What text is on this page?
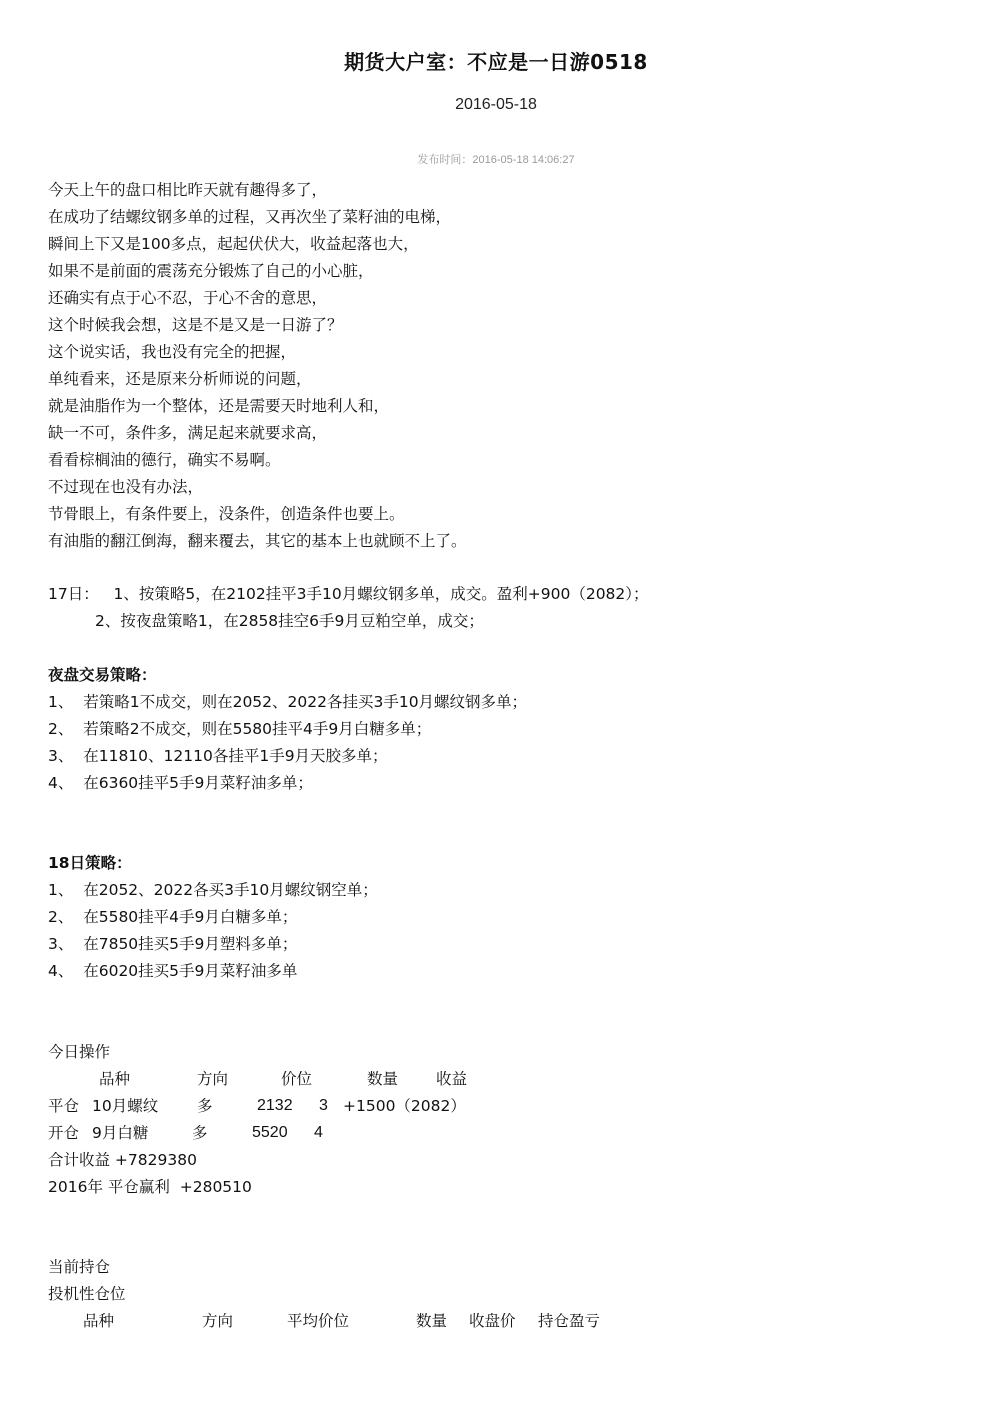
期货大户室：不应是一日游0518
2016-05-18
发布时间：2016-05-18 14:06:27
今天上午的盘口相比昨天就有趣得多了，
在成功了结螺纹钢多单的过程，又再次坐了菜籽油的电梯，
瞬间上下又是100多点，起起伏伏大，收益起落也大，
如果不是前面的震荡充分锻炼了自己的小心脏，
还确实有点于心不忍，于心不舍的意思，
这个时候我会想，这是不是又是一日游了？
这个说实话，我也没有完全的把握，
单纯看来，还是原来分析师说的问题，
就是油脂作为一个整体，还是需要天时地利人和，
缺一不可，条件多，满足起来就要求高，
看看棕榈油的德行，确实不易啊。
不过现在也没有办法，
节骨眼上，有条件要上，没条件，创造条件也要上。
有油脂的翻江倒海，翻来覆去，其它的基本上也就顾不上了。
17日：   1、按策略5，在2102挂平3手10月螺纹钢多单，成交。盈利+900（2082）；
2、按夜盘策略1，在2858挂空6手9月豆粕空单，成交；
夜盘交易策略：
1、  若策略1不成交，则在2052、2022各挂买3手10月螺纹钢多单；
2、  若策略2不成交，则在5580挂平4手9月白糖多单；
3、  在11810、12110各挂平1手9月天胶多单；
4、  在6360挂平5手9月菜籽油多单；
18日策略：
1、  在2052、2022各买3手10月螺纹钢空单；
2、  在5580挂平4手9月白糖多单；
3、  在7850挂买5手9月塑料多单；
4、  在6020挂买5手9月菜籽油多单
今日操作
品种	方向	价位	数量 收益
平仓 10月螺纹	多	2132 3 +1500（2082）
开仓 9月白糖	多	5520 4
合计收益 +7829380
2016年 平仓赢利  +280510
当前持仓
投机性仓位
品种	方向	平均价位	数量 收盘价 持仓盈亏
